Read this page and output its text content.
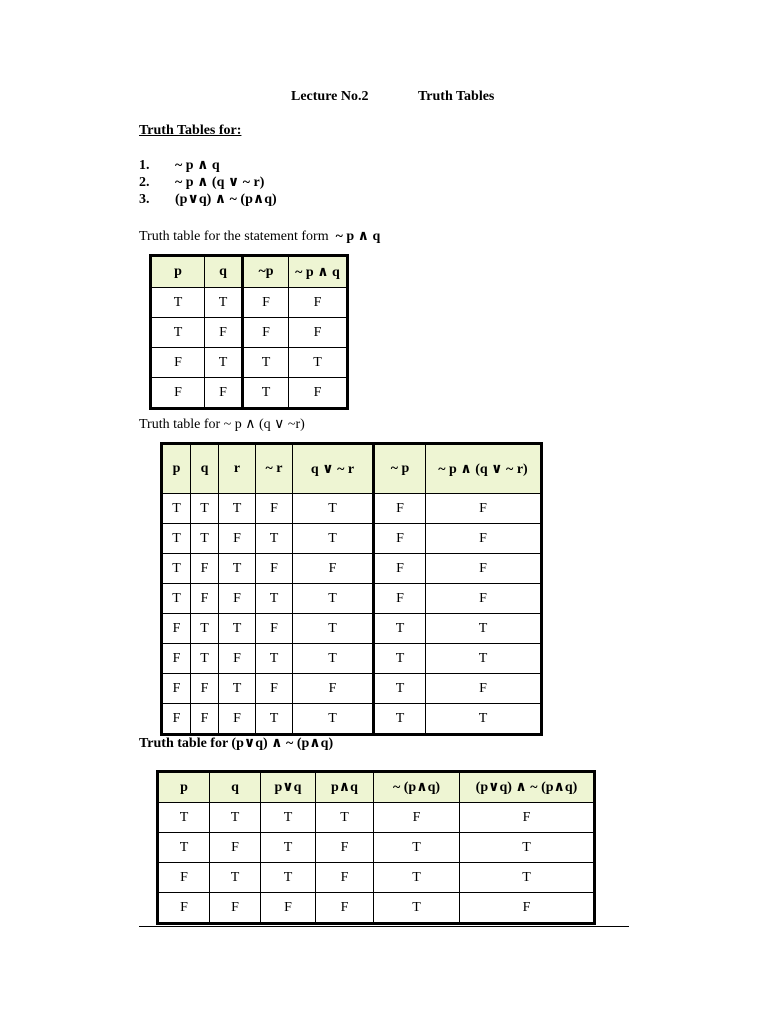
Lecture No.2	Truth Tables
Truth Tables for:
1.	~ p ∧ q
2.	~ p ∧ (q ∨ ~ r)
3.	(p∨q) ∧ ~ (p∧q)
Truth table for the statement form ~ p ∧ q
p	q	~p	~ p ∧ q
T	T	F	F
T	F	F	F
F	T	T	T
F	F	T	F
Truth table for ~ p ∧ (q ∨ ~r)
p	q	r	~ r	q ∨ ~ r	~ p	~ p ∧ (q ∨ ~ r)
T	T	T	F	T	F	F
T	T	F	T	T	F	F
T	F	T	F	F	F	F
T	F	F	T	T	F	F
F	T	T	F	T	T	T
F	T	F	T	T	T	T
F	F	T	F	F	T	F
F	F	F	T	T	T	T
Truth table for (p∨q) ∧ ~ (p∧q)
p	q	p∨q	p∧q	~ (p∧q)	(p∨q) ∧ ~ (p∧q)
T	T	T	T	F	F
T	F	T	F	T	T
F	T	T	F	T	T
F	F	F	F	T	F
